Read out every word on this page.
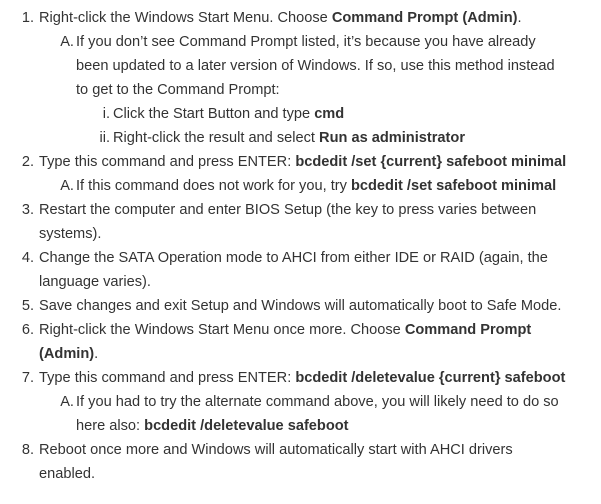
1. Right-click the Windows Start Menu. Choose Command Prompt (Admin).
A. If you don’t see Command Prompt listed, it’s because you have already
been updated to a later version of Windows. If so, use this method instead
to get to the Command Prompt:
i. Click the Start Button and type cmd
ii. Right-click the result and select Run as administrator
2. Type this command and press ENTER: bcdedit /set {current} safeboot minimal
A. If this command does not work for you, try bcdedit /set safeboot minimal
3. Restart the computer and enter BIOS Setup (the key to press varies between
systems).
4. Change the SATA Operation mode to AHCI from either IDE or RAID (again, the
language varies).
5. Save changes and exit Setup and Windows will automatically boot to Safe Mode.
6. Right-click the Windows Start Menu once more. Choose Command Prompt
(Admin).
7. Type this command and press ENTER: bcdedit /deletevalue {current} safeboot
A. If you had to try the alternate command above, you will likely need to do so
here also: bcdedit /deletevalue safeboot
8. Reboot once more and Windows will automatically start with AHCI drivers
enabled.
